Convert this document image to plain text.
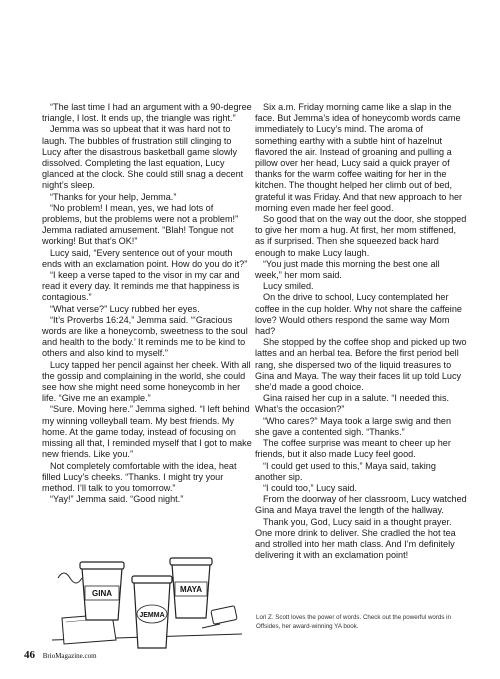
“The last time I had an argument with a 90-degree triangle, I lost. It ends up, the triangle was right.”

Jemma was so upbeat that it was hard not to laugh. The bubbles of frustration still clinging to Lucy after the disastrous basketball game slowly dissolved. Completing the last equation, Lucy glanced at the clock. She could still snag a decent night’s sleep.

“Thanks for your help, Jemma.”

“No problem! I mean, yes, we had lots of problems, but the problems were not a problem!” Jemma radiated amusement. “Blah! Tongue not working! But that’s OK!”

Lucy said, “Every sentence out of your mouth ends with an exclamation point. How do you do it?”

“I keep a verse taped to the visor in my car and read it every day. It reminds me that happiness is contagious.”

“What verse?” Lucy rubbed her eyes.

“It’s Proverbs 16:24,” Jemma said. “‘Gracious words are like a honeycomb, sweetness to the soul and health to the body.’ It reminds me to be kind to others and also kind to myself.”

Lucy tapped her pencil against her cheek. With all the gossip and complaining in the world, she could see how she might need some honeycomb in her life. “Give me an example.”

“Sure. Moving here.” Jemma sighed. “I left behind my winning volleyball team. My best friends. My home. At the game today, instead of focusing on missing all that, I reminded myself that I got to make new friends. Like you.”

Not completely comfortable with the idea, heat filled Lucy’s cheeks. “Thanks. I might try your method. I’ll talk to you tomorrow.”

“Yay!” Jemma said. “Good night.”

Six a.m. Friday morning came like a slap in the face. But Jemma’s idea of honeycomb words came immediately to Lucy’s mind. The aroma of something earthy with a subtle hint of hazelnut flavored the air. Instead of groaning and pulling a pillow over her head, Lucy said a quick prayer of thanks for the warm coffee waiting for her in the kitchen. The thought helped her climb out of bed, grateful it was Friday. And that new approach to her morning even made her feel good.

So good that on the way out the door, she stopped to give her mom a hug. At first, her mom stiffened, as if surprised. Then she squeezed back hard enough to make Lucy laugh.

“You just made this morning the best one all week,” her mom said.

Lucy smiled.

On the drive to school, Lucy contemplated her coffee in the cup holder. Why not share the caffeine love? Would others respond the same way Mom had?

She stopped by the coffee shop and picked up two lattes and an herbal tea. Before the first period bell rang, she dispersed two of the liquid treasures to Gina and Maya. The way their faces lit up told Lucy she’d made a good choice.

Gina raised her cup in a salute. “I needed this. What’s the occasion?”

“Who cares?” Maya took a large swig and then she gave a contented sigh. “Thanks.”

The coffee surprise was meant to cheer up her friends, but it also made Lucy feel good.

“I could get used to this,” Maya said, taking another sip.

“I could too,” Lucy said.

From the doorway of her classroom, Lucy watched Gina and Maya travel the length of the hallway.

Thank you, God, Lucy said in a thought prayer. One more drink to deliver. She cradled the hot tea and strolled into her math class. And I’m definitely delivering it with an exclamation point!

GINA	MAYA
JEMMA	Lori Z. Scott loves the power of words. Check out the powerful words in Offsides, her award-winning YA book.
46 BrioMagazine.com
